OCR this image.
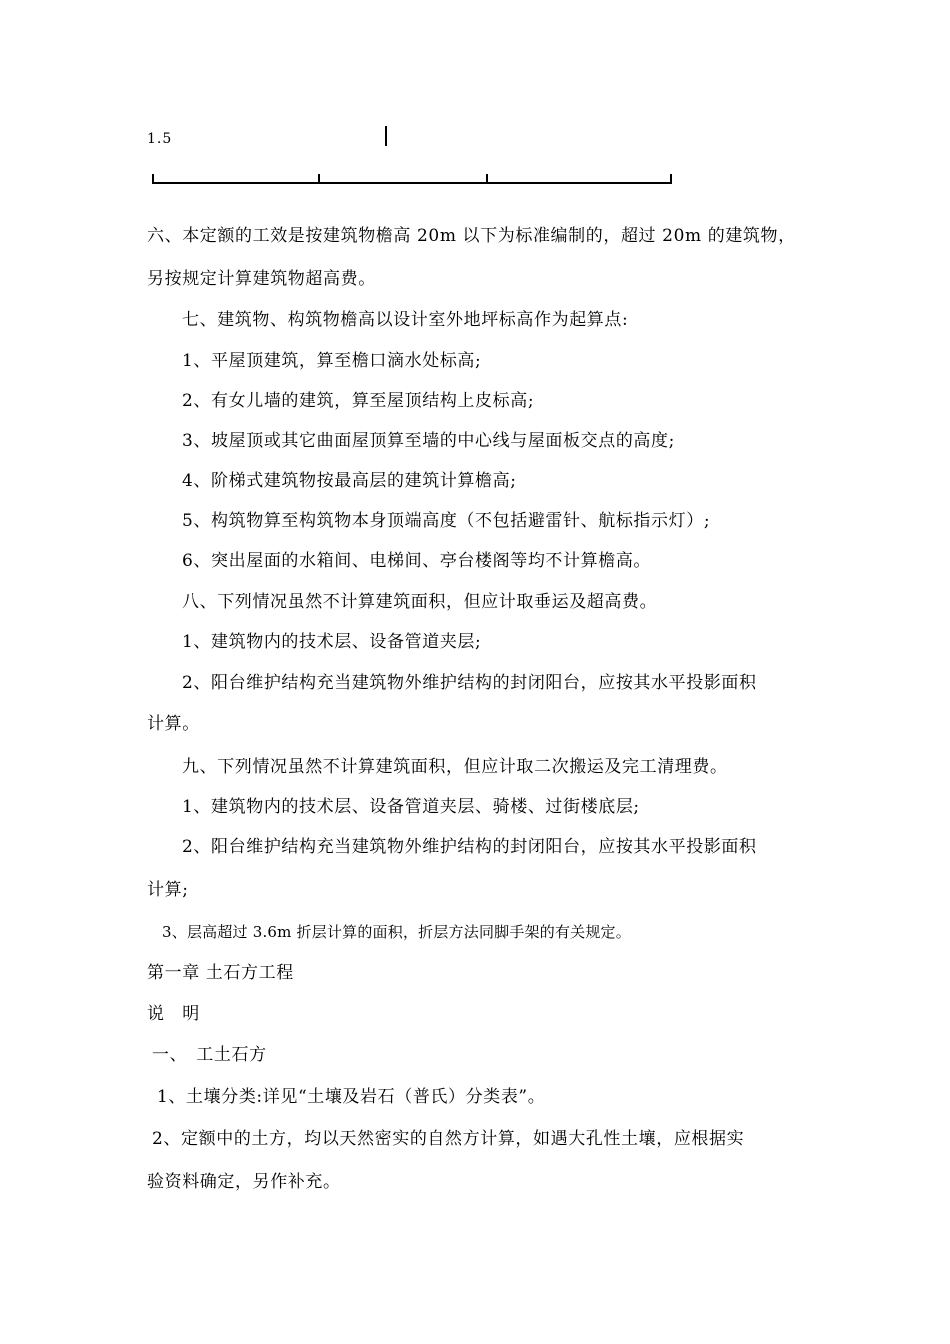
1.5
六、本定额的工效是按建筑物檐高 20m 以下为标准编制的，超过 20m 的建筑物，
另按规定计算建筑物超高费。
七、建筑物、构筑物檐高以设计室外地坪标高作为起算点:
1、平屋顶建筑，算至檐口滴水处标高;
2、有女儿墙的建筑，算至屋顶结构上皮标高;
3、坡屋顶或其它曲面屋顶算至墙的中心线与屋面板交点的高度;
4、阶梯式建筑物按最高层的建筑计算檐高;
5、构筑物算至构筑物本身顶端高度（不包括避雷针、航标指示灯）;
6、突出屋面的水箱间、电梯间、亭台楼阁等均不计算檐高。
八、下列情况虽然不计算建筑面积，但应计取垂运及超高费。
1、建筑物内的技术层、设备管道夹层;
2、阳台维护结构充当建筑物外维护结构的封闭阳台，应按其水平投影面积
计算。
九、下列情况虽然不计算建筑面积，但应计取二次搬运及完工清理费。
1、建筑物内的技术层、设备管道夹层、骑楼、过街楼底层;
2、阳台维护结构充当建筑物外维护结构的封闭阳台，应按其水平投影面积
计算;
3、层高超过 3.6m 折层计算的面积，折层方法同脚手架的有关规定。
第一章 土石方工程
说　明
一、　工土石方
1、土壤分类:详见“土壤及岩石（普氏）分类表”。
2、定额中的土方，均以天然密实的自然方计算，如遇大孔性土壤，应根据实
验资料确定，另作补充。
